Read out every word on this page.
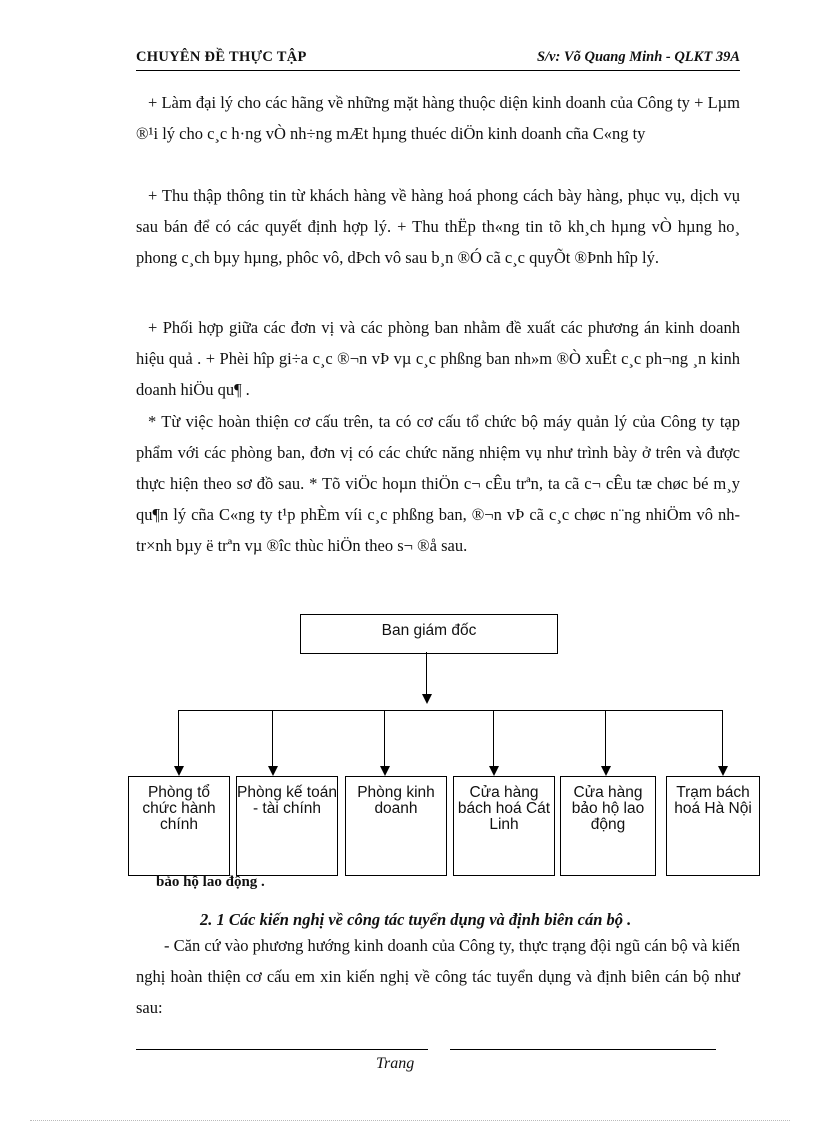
CHUYÊN ĐỀ THỰC TẬP	S/v: Võ Quang Minh - QLKT 39A

+ Làm đại lý cho các hãng về những mặt hàng thuộc diện kinh doanh của Công ty + Lµm ®¹i lý cho c¸c h·ng vÒ nh÷ng mÆt hµng thuéc diÖn kinh doanh cña C«ng ty

+ Thu thập thông tin từ khách hàng về hàng hoá phong cách bày hàng, phục vụ, dịch vụ sau bán để có các quyết định hợp lý. + Thu thËp th«ng tin tõ kh¸ch hµng vÒ hµng ho¸ phong c¸ch bµy hµng, phôc vô, dÞch vô sau b¸n ®Ó cã c¸c quyÕt ®Þnh hîp lý.

+ Phối hợp giữa các đơn vị và các phòng ban nhằm đề xuất các phương án kinh doanh hiệu quả . + Phèi hîp gi÷a c¸c ®¬n vÞ vµ c¸c phßng ban nh»m ®Ò xuÊt c¸c ph¬ng ¸n kinh doanh hiÖu qu¶ .

* Từ việc hoàn thiện cơ cấu trên, ta có cơ cấu tổ chức bộ máy quản lý của Công ty tạp phẩm với các phòng ban, đơn vị có các chức năng nhiệm vụ như trình bày ở trên và được thực hiện theo sơ đồ sau. * Tõ viÖc hoµn thiÖn c¬ cÊu trªn, ta cã c¬ cÊu tæ chøc bé m¸y qu¶n lý cña C«ng ty t¹p phÈm víi c¸c phßng ban, ®¬n vÞ cã c¸c chøc n¨ng nhiÖm vô nh tr×nh bµy ë trªn vµ ®îc thùc hiÖn theo s¬ ®å sau.

Ban giám đốc
Phòng tổ chức hành chính
Phòng kế toán - tài chính
Phòng kinh doanh
Cửa hàng bách hoá Cát Linh
Cửa hàng bảo hộ lao động
Trạm bách hoá Hà Nội
bảo hộ lao động .
2. 1 Các kiến nghị về công tác tuyển dụng và định biên cán bộ .

- Căn cứ vào phương hướng kinh doanh của Công ty, thực trạng đội ngũ cán bộ và kiến nghị hoàn thiện cơ cấu em xin kiến nghị về công tác tuyển dụng và định biên cán bộ như sau:

Trang
